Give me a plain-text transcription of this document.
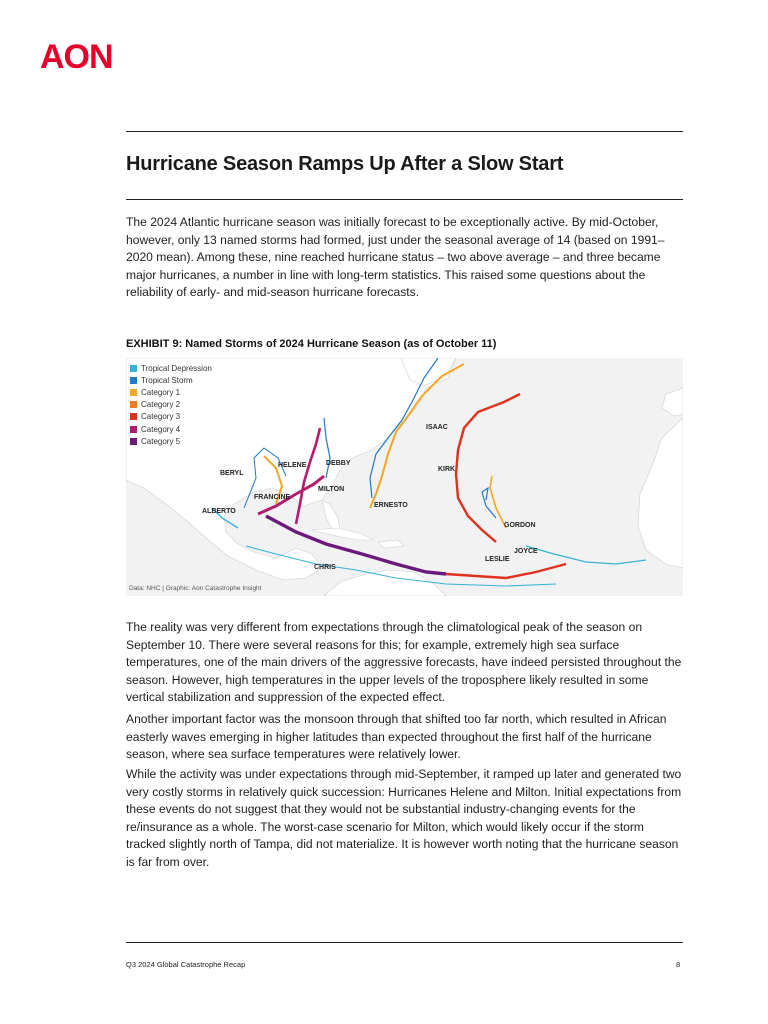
AON
Hurricane Season Ramps Up After a Slow Start

The 2024 Atlantic hurricane season was initially forecast to be exceptionally active. By mid-October, however, only 13 named storms had formed, just under the seasonal average of 14 (based on 1991–2020 mean). Among these, nine reached hurricane status – two above average – and three became major hurricanes, a number in line with long-term statistics. This raised some questions about the reliability of early- and mid-season hurricane forecasts.

EXHIBIT 9: Named Storms of 2024 Hurricane Season (as of October 11)
Tropical Depression
Tropical Storm
Category 1
Category 2
Category 3
Category 4
Category 5
ISAAC
KIRK
BERYL
HELENE	DEBBY
MILTON
FRANCINE
ERNESTO
ALBERTO
GORDON
JOYCE
LESLIE
CHRIS
Data: NHC | Graphic: Aon Catastrophe Insight

The reality was very different from expectations through the climatological peak of the season on September 10. There were several reasons for this; for example, extremely high sea surface temperatures, one of the main drivers of the aggressive forecasts, have indeed persisted throughout the season. However, high temperatures in the upper levels of the troposphere likely resulted in some vertical stabilization and suppression of the expected effect.

Another important factor was the monsoon through that shifted too far north, which resulted in African easterly waves emerging in higher latitudes than expected throughout the first half of the hurricane season, where sea surface temperatures were relatively lower.

While the activity was under expectations through mid-September, it ramped up later and generated two very costly storms in relatively quick succession: Hurricanes Helene and Milton. Initial expectations from these events do not suggest that they would not be substantial industry-changing events for the re/insurance as a whole. The worst-case scenario for Milton, which would likely occur if the storm tracked slightly north of Tampa, did not materialize. It is however worth noting that the hurricane season is far from over.

Q3 2024 Global Catastrophe Recap	8
